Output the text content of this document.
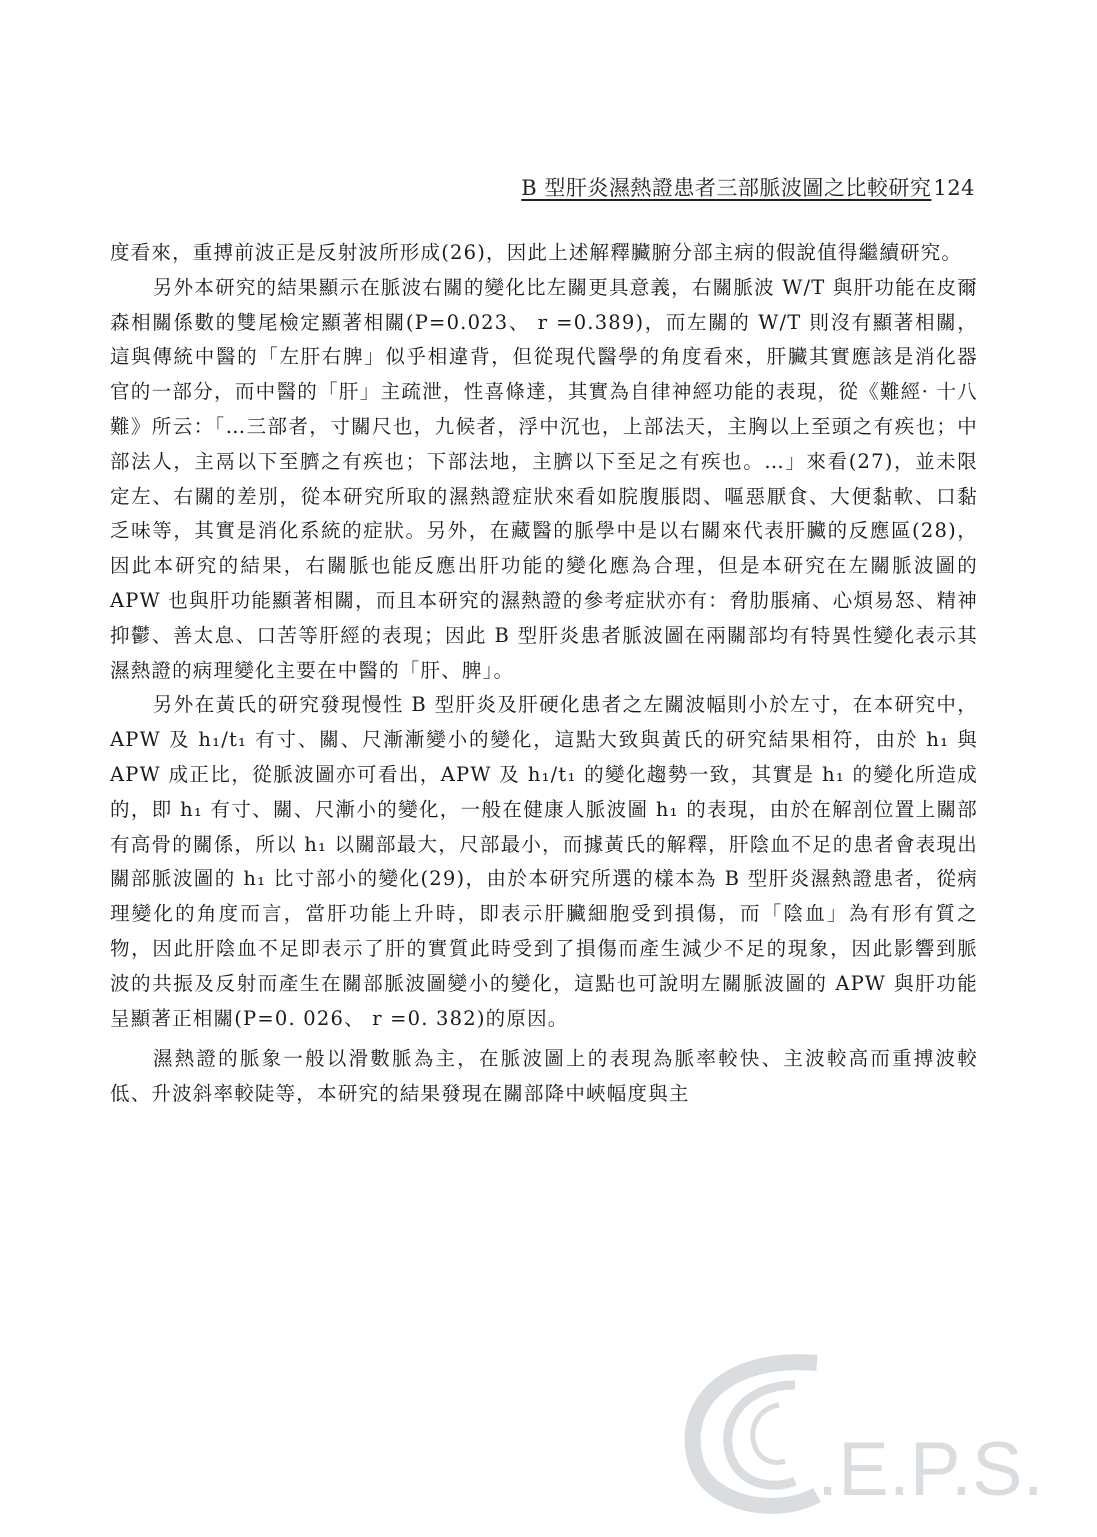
B 型肝炎濕熱證患者三部脈波圖之比較研究124

度看來，重搏前波正是反射波所形成(26)，因此上述解釋臟腑分部主病的假說值得繼續研究。

另外本研究的結果顯示在脈波右關的變化比左關更具意義，右關脈波 W/T 與肝功能在皮爾森相關係數的雙尾檢定顯著相關(P=0.023、 r =0.389)，而左關的 W/T 則沒有顯著相關，這與傳統中醫的「左肝右脾」似乎相違背，但從現代醫學的角度看來，肝臟其實應該是消化器官的一部分，而中醫的「肝」主疏泄，性喜條達，其實為自律神經功能的表現，從《難經· 十八難》所云：「…三部者，寸關尺也，九候者，浮中沉也，上部法天，主胸以上至頭之有疾也；中部法人，主鬲以下至臍之有疾也；下部法地，主臍以下至足之有疾也。…」來看(27)，並未限定左、右關的差別，從本研究所取的濕熱證症狀來看如脘腹脹悶、嘔惡厭食、大便黏軟、口黏乏味等，其實是消化系統的症狀。另外，在藏醫的脈學中是以右關來代表肝臟的反應區(28)，因此本研究的結果，右關脈也能反應出肝功能的變化應為合理，但是本研究在左關脈波圖的 APW 也與肝功能顯著相關，而且本研究的濕熱證的參考症狀亦有：脅肋脹痛、心煩易怒、精神抑鬱、善太息、口苦等肝經的表現；因此 B 型肝炎患者脈波圖在兩關部均有特異性變化表示其濕熱證的病理變化主要在中醫的「肝、脾」。

另外在黃氏的研究發現慢性 B 型肝炎及肝硬化患者之左關波幅則小於左寸，在本研究中，APW 及 h₁/t₁ 有寸、關、尺漸漸變小的變化，這點大致與黃氏的研究結果相符，由於 h₁ 與 APW 成正比，從脈波圖亦可看出，APW 及 h₁/t₁ 的變化趨勢一致，其實是 h₁ 的變化所造成的，即 h₁ 有寸、關、尺漸小的變化，一般在健康人脈波圖 h₁ 的表現，由於在解剖位置上關部有高骨的關係，所以 h₁ 以關部最大，尺部最小，而據黃氏的解釋，肝陰血不足的患者會表現出關部脈波圖的 h₁ 比寸部小的變化(29)，由於本研究所選的樣本為 B 型肝炎濕熱證患者，從病理變化的角度而言，當肝功能上升時，即表示肝臟細胞受到損傷，而「陰血」為有形有質之物，因此肝陰血不足即表示了肝的實質此時受到了損傷而產生減少不足的現象，因此影響到脈波的共振及反射而產生在關部脈波圖變小的變化，這點也可說明左關脈波圖的 APW 與肝功能呈顯著正相關(P=0. 026、 r =0. 382)的原因。

濕熱證的脈象一般以滑數脈為主，在脈波圖上的表現為脈率較快、主波較高而重搏波較低、升波斜率較陡等，本研究的結果發現在關部降中峽幅度與主

.E.P.S.
